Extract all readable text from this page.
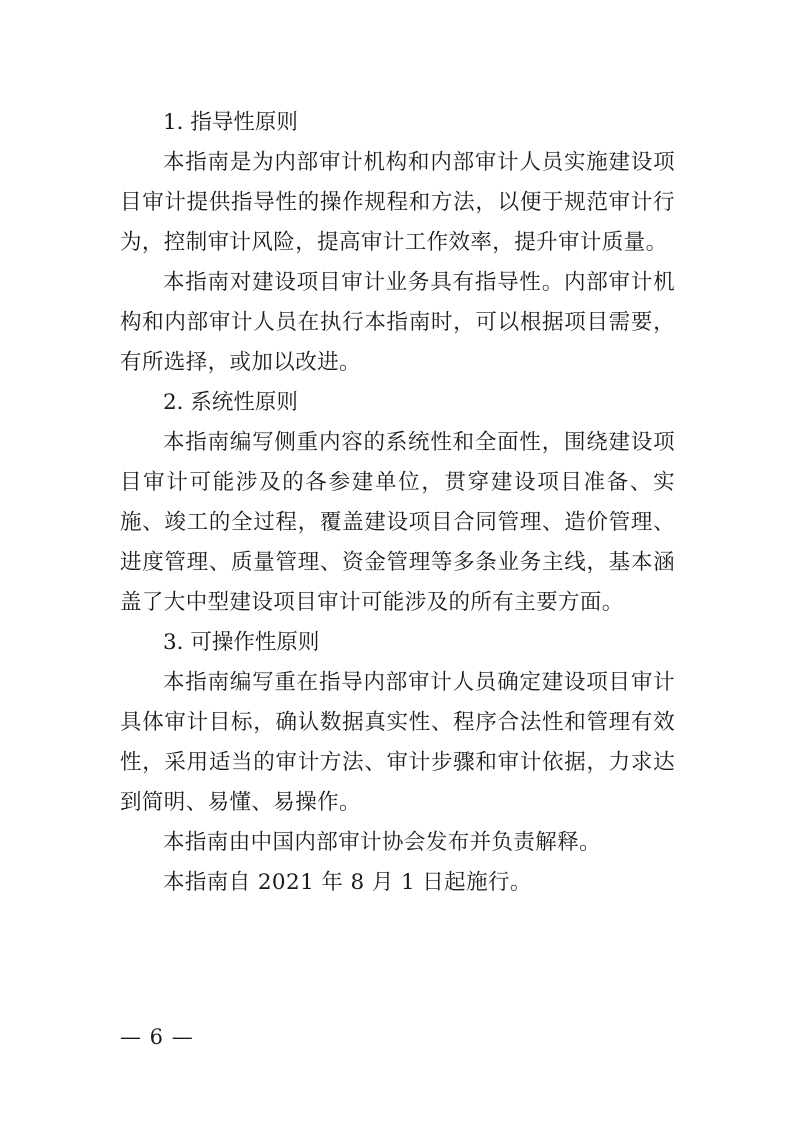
1. 指导性原则

本指南是为内部审计机构和内部审计人员实施建设项目审计提供指导性的操作规程和方法，以便于规范审计行为，控制审计风险，提高审计工作效率，提升审计质量。

本指南对建设项目审计业务具有指导性。内部审计机构和内部审计人员在执行本指南时，可以根据项目需要，有所选择，或加以改进。

2. 系统性原则

本指南编写侧重内容的系统性和全面性，围绕建设项目审计可能涉及的各参建单位，贯穿建设项目准备、实施、竣工的全过程，覆盖建设项目合同管理、造价管理、进度管理、质量管理、资金管理等多条业务主线，基本涵盖了大中型建设项目审计可能涉及的所有主要方面。

3. 可操作性原则

本指南编写重在指导内部审计人员确定建设项目审计具体审计目标，确认数据真实性、程序合法性和管理有效性，采用适当的审计方法、审计步骤和审计依据，力求达到简明、易懂、易操作。

本指南由中国内部审计协会发布并负责解释。

本指南自 2021 年 8 月 1 日起施行。

— 6 —
